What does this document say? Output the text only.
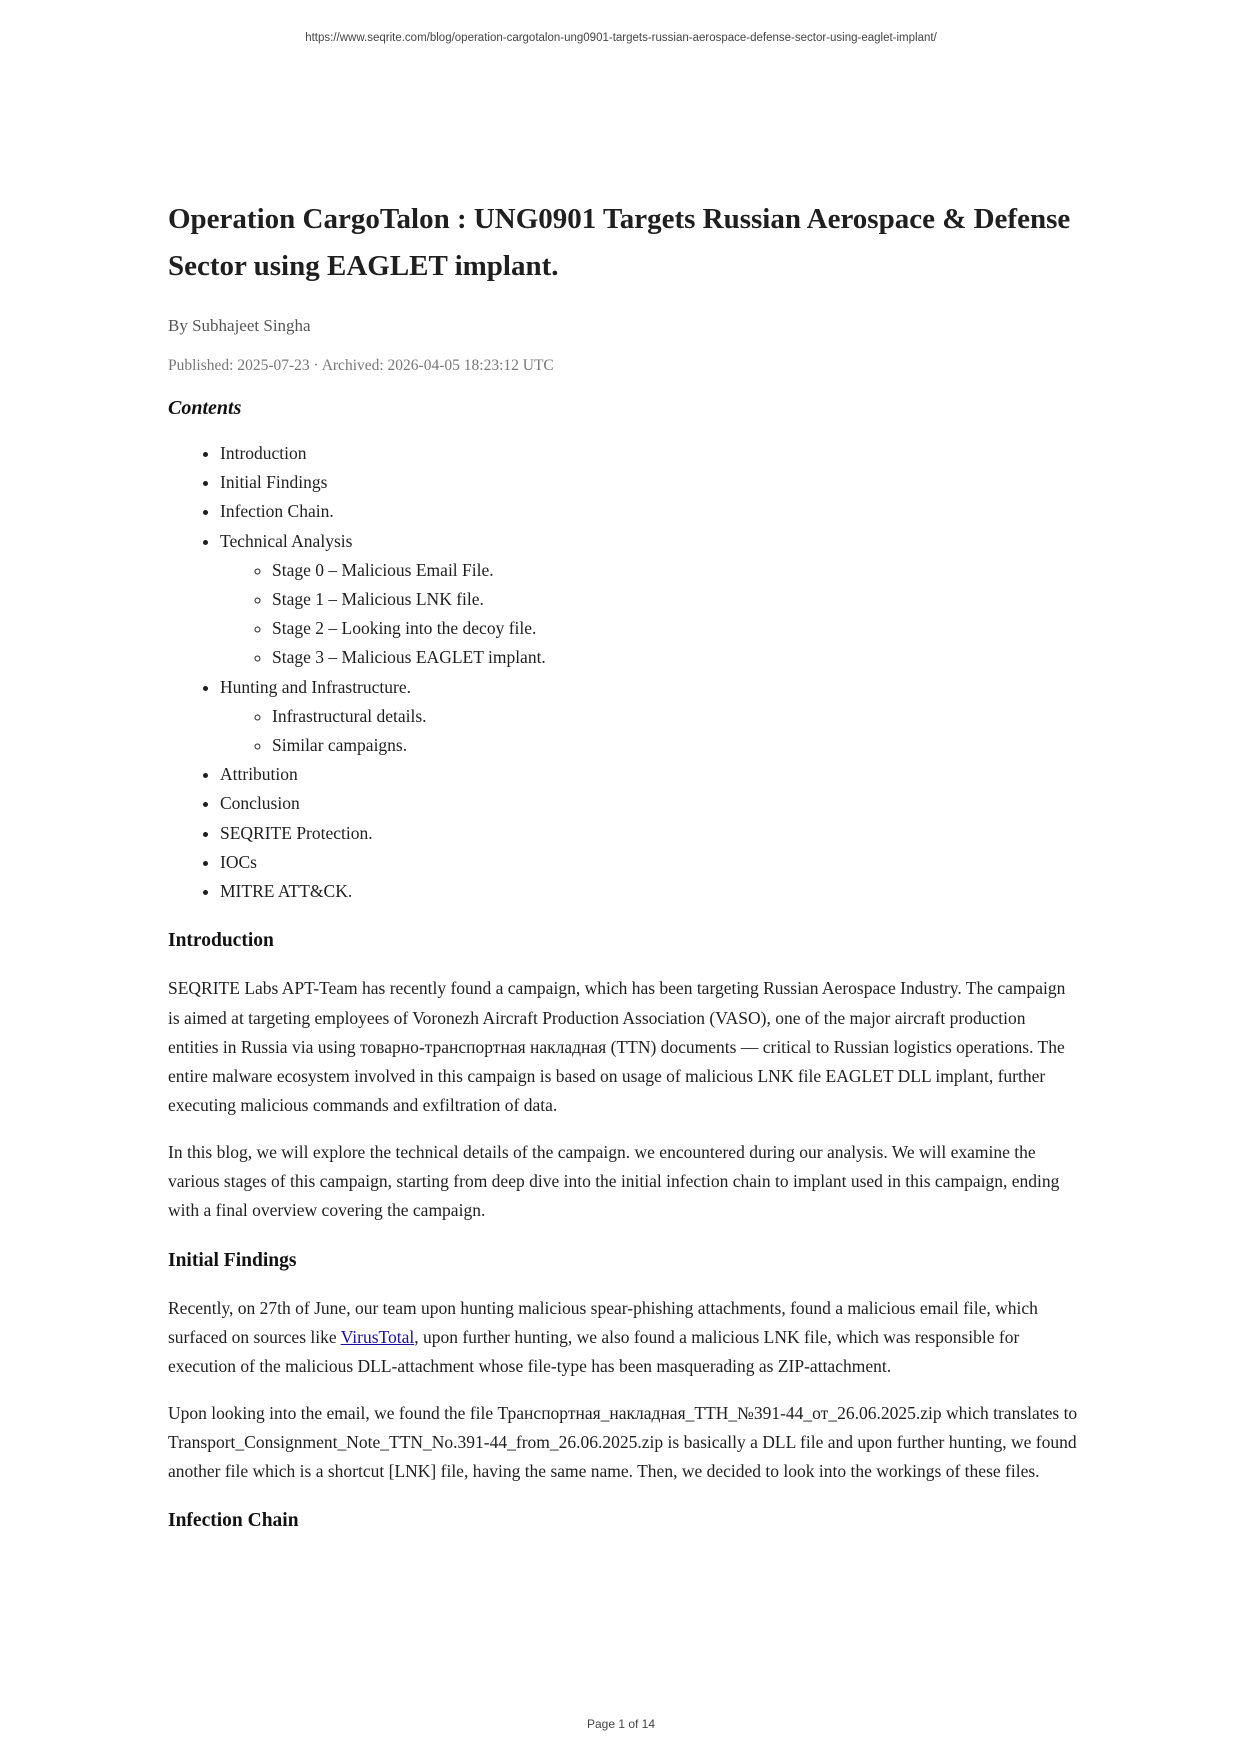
https://www.seqrite.com/blog/operation-cargotalon-ung0901-targets-russian-aerospace-defense-sector-using-eaglet-implant/
Operation CargoTalon : UNG0901 Targets Russian Aerospace & Defense Sector using EAGLET implant.
By Subhajeet Singha
Published: 2025-07-23 · Archived: 2026-04-05 18:23:12 UTC
Contents
• Introduction
• Initial Findings
• Infection Chain.
• Technical Analysis
◦ Stage 0 – Malicious Email File.
◦ Stage 1 – Malicious LNK file.
◦ Stage 2 – Looking into the decoy file.
◦ Stage 3 – Malicious EAGLET implant.
• Hunting and Infrastructure.
◦ Infrastructural details.
◦ Similar campaigns.
• Attribution
• Conclusion
• SEQRITE Protection.
• IOCs
• MITRE ATT&CK.
Introduction

SEQRITE Labs APT-Team has recently found a campaign, which has been targeting Russian Aerospace Industry. The campaign is aimed at targeting employees of Voronezh Aircraft Production Association (VASO), one of the major aircraft production entities in Russia via using товарно-транспортная накладная (TTN) documents — critical to Russian logistics operations. The entire malware ecosystem involved in this campaign is based on usage of malicious LNK file EAGLET DLL implant, further executing malicious commands and exfiltration of data.

In this blog, we will explore the technical details of the campaign. we encountered during our analysis. We will examine the various stages of this campaign, starting from deep dive into the initial infection chain to implant used in this campaign, ending with a final overview covering the campaign.

Initial Findings

Recently, on 27th of June, our team upon hunting malicious spear-phishing attachments, found a malicious email file, which surfaced on sources like VirusTotal, upon further hunting, we also found a malicious LNK file, which was responsible for execution of the malicious DLL-attachment whose file-type has been masquerading as ZIP-attachment.

Upon looking into the email, we found the file Транспортная_накладная_ТТН_№391-44_от_26.06.2025.zip which translates to Transport_Consignment_Note_TTN_No.391-44_from_26.06.2025.zip is basically a DLL file and upon further hunting, we found another file which is a shortcut [LNK] file, having the same name. Then, we decided to look into the workings of these files.

Infection Chain
Page 1 of 14
